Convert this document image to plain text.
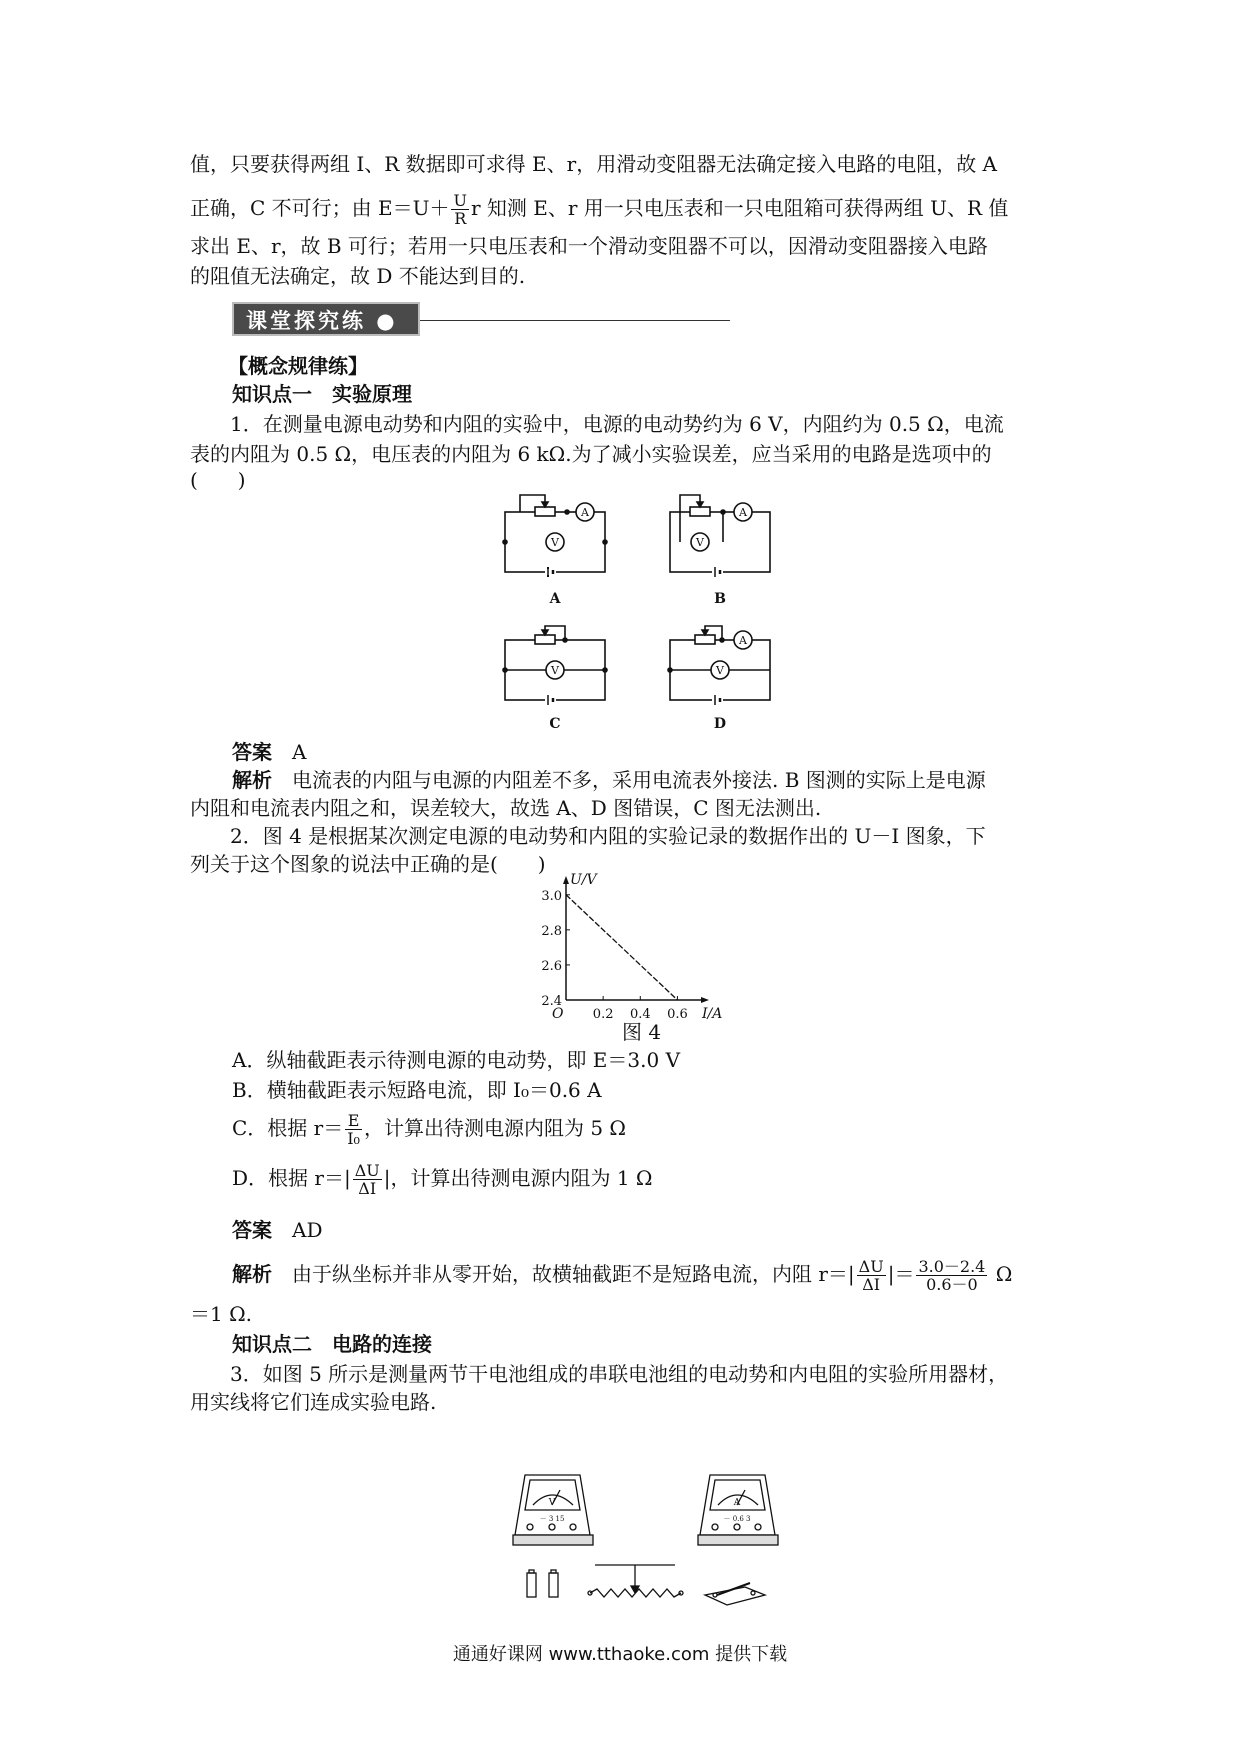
值，只要获得两组 I、R 数据即可求得 E、r，用滑动变阻器无法确定接入电路的电阻，故 A
正确，C 不可行；由 $E=U+ \frac{U}{R}$ r 知测 E、r 用一只电压表和一只电阻箱可获得两组 U、R 值
求出 E、r，故 B 可行；若用一只电压表和一个滑动变阻器不可以，因滑动变阻器接入电路
的阻值无法确定，故 D 不能达到目的.
课堂探究练 ●
【概念规律练】
知识点一　实验原理
1．在测量电源电动势和内阻的实验中，电源的电动势约为 6 V，内阻约为 0.5 Ω，电流
表的内阻为 0.5 Ω，电压表的内阻为 6 kΩ.为了减小实验误差，应当采用的电路是选项中的
(　　)
A
V
A
V
V
A
V
A	B
C	D
答案　 A
解析　 电流表的内阻与电源的内阻差不多，采用电流表外接法. B 图测的实际上是电源
内阻和电流表内阻之和，误差较大，故选 A、D 图错误，C 图无法测出.
2．图 4 是根据某次测定电源的电动势和内阻的实验记录的数据作出的 U－I 图象，下
列关于这个图象的说法中正确的是(　　)
0.2 0.4 0.6
2.4
2.6
2.8
3.0
U/V
I/A
O
图 4
A．纵轴截距表示待测电源的电动势，即 E＝3.0 V
B．横轴截距表示短路电流，即 I₀＝0.6 A
C．根据 $r= \frac{E}{\text{I₀}}$ ，计算出待测电源内阻为 5 Ω
D．根据 $r=| \frac{\Delta U}{\Delta I}$ |，计算出待测电源内阻为 1 Ω
答案　 AD
解析　 由于纵坐标并非从零开始，故横轴截距不是短路电流，内阻 $r=| \frac{\Delta U}{\Delta I}$ |＝ $\frac{3.0-2.4}{0.6-0}$ Ω
＝1 Ω.
知识点二　电路的连接
3．如图 5 所示是测量两节干电池组成的串联电池组的电动势和内电阻的实验所用器材，
用实线将它们连成实验电路.
V
－ 3 15
A
－ 0.6 3
通通好课网 www.tthaoke.com 提供下载
